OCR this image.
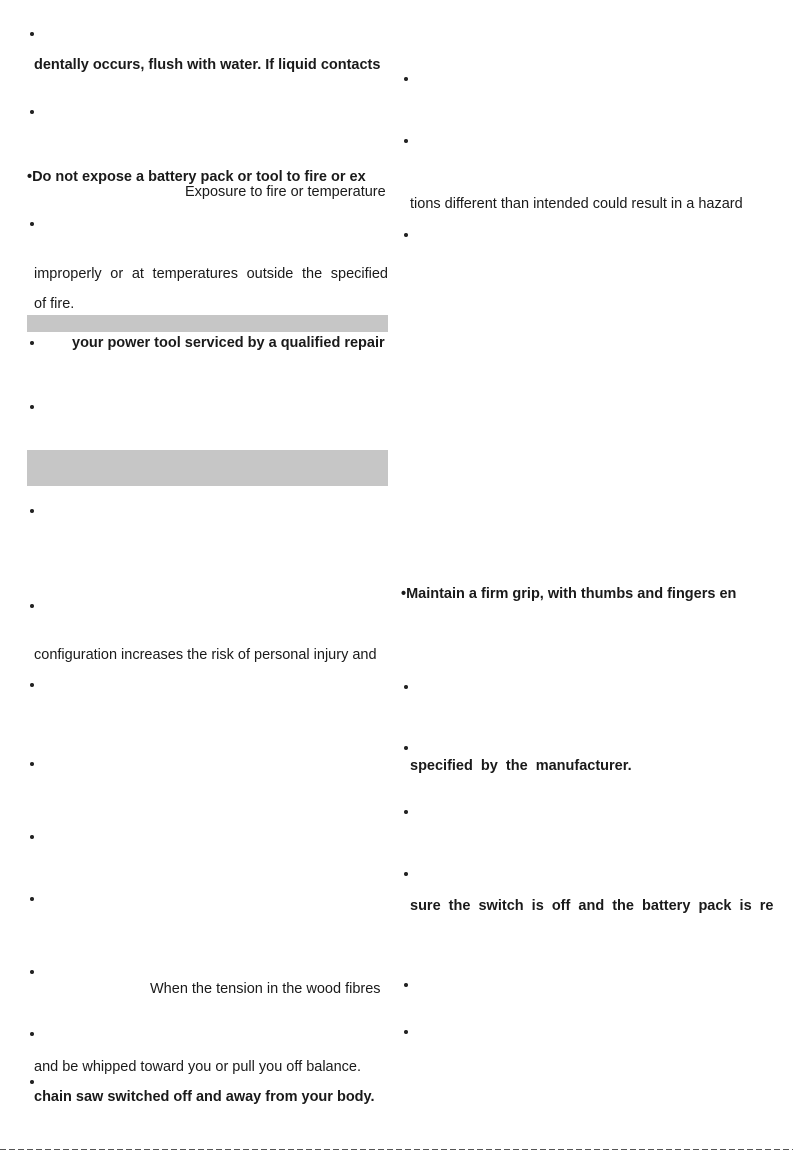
dentally occurs, flush with water. If liquid contacts
•Do not expose a battery pack or tool to fire or ex
Exposure to fire or temperature
improperly or at temperatures outside the specified
of fire.
your power tool serviced by a qualified repair
configuration increases the risk of personal injury and
When the tension in the wood fibres
and be whipped toward you or pull you off balance.
chain saw switched off and away from your body.
tions different than intended could result in a hazard
•Maintain a firm grip, with thumbs and fingers en
specified  by  the  manufacturer.
sure  the  switch  is  off  and  the  battery  pack  is  re
